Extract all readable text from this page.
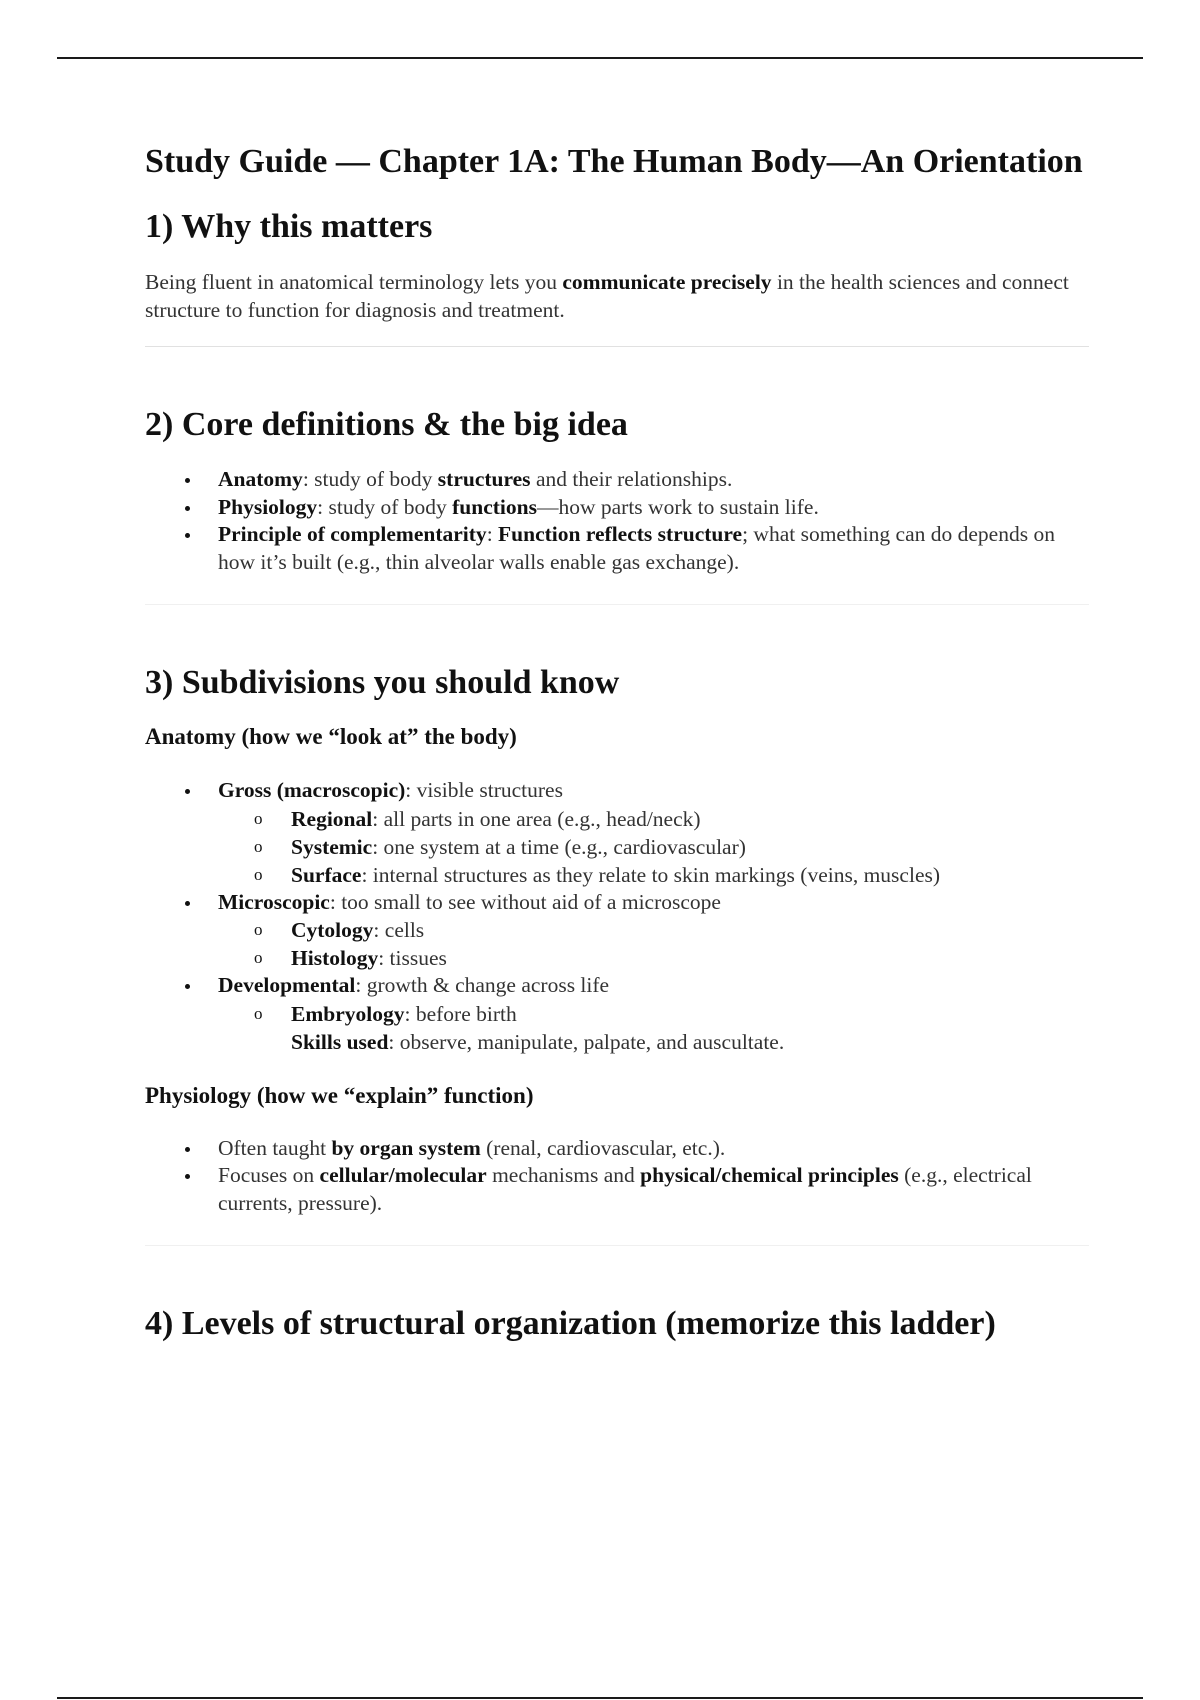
Study Guide — Chapter 1A: The Human Body—An Orientation
1) Why this matters

Being fluent in anatomical terminology lets you communicate precisely in the health sciences and connect structure to function for diagnosis and treatment.

2) Core definitions & the big idea
Anatomy: study of body structures and their relationships.
Physiology: study of body functions—how parts work to sustain life.
Principle of complementarity: Function reflects structure; what something can do depends on how it’s built (e.g., thin alveolar walls enable gas exchange).
3) Subdivisions you should know
Anatomy (how we “look at” the body)
Gross (macroscopic): visible structures
o Regional: all parts in one area (e.g., head/neck)
o Systemic: one system at a time (e.g., cardiovascular)
o Surface: internal structures as they relate to skin markings (veins, muscles)
Microscopic: too small to see without aid of a microscope
o Cytology: cells
o Histology: tissues
Developmental: growth & change across life
o Embryology: before birth
Skills used: observe, manipulate, palpate, and auscultate.
Physiology (how we “explain” function)
Often taught by organ system (renal, cardiovascular, etc.).
Focuses on cellular/molecular mechanisms and physical/chemical principles (e.g., electrical currents, pressure).
4) Levels of structural organization (memorize this ladder)
